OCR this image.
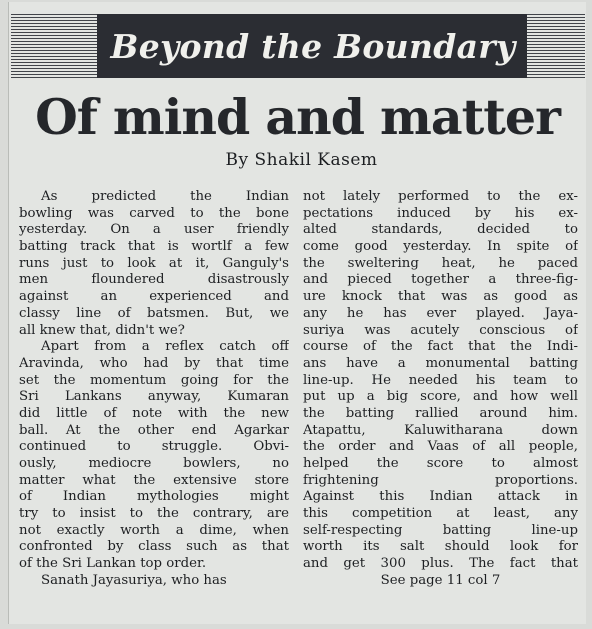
Beyond the Boundary
Of mind and matter
By Shakil Kasem
As predicted the Indian
bowling was carved to the bone
yesterday. On a user friendly
batting track that is wortlf a few
runs just to look at it, Ganguly's
men floundered disastrously
against an experienced and
classy line of batsmen. But, we
all knew that, didn't we?
Apart from a reflex catch off
Aravinda, who had by that time
set the momentum going for the
Sri Lankans anyway, Kumaran
did little of note with the new
ball. At the other end Agarkar
continued to struggle. Obvi-
ously, mediocre bowlers, no
matter what the extensive store
of Indian mythologies might
try to insist to the contrary, are
not exactly worth a dime, when
confronted by class such as that
of the Sri Lankan top order.
Sanath Jayasuriya, who has
not lately performed to the ex-
pectations induced by his ex-
alted standards, decided to
come good yesterday. In spite of
the sweltering heat, he paced
and pieced together a three-fig-
ure knock that was as good as
any he has ever played. Jaya-
suriya was acutely conscious of
course of the fact that the Indi-
ans have a monumental batting
line-up. He needed his team to
put up a big score, and how well
the batting rallied around him.
Atapattu, Kaluwitharana down
the order and Vaas of all people,
helped the score to almost
frightening proportions.
Against this Indian attack in
this competition at least, any
self-respecting batting line-up
worth its salt should look for
and get 300 plus. The fact that
See page 11 col 7
